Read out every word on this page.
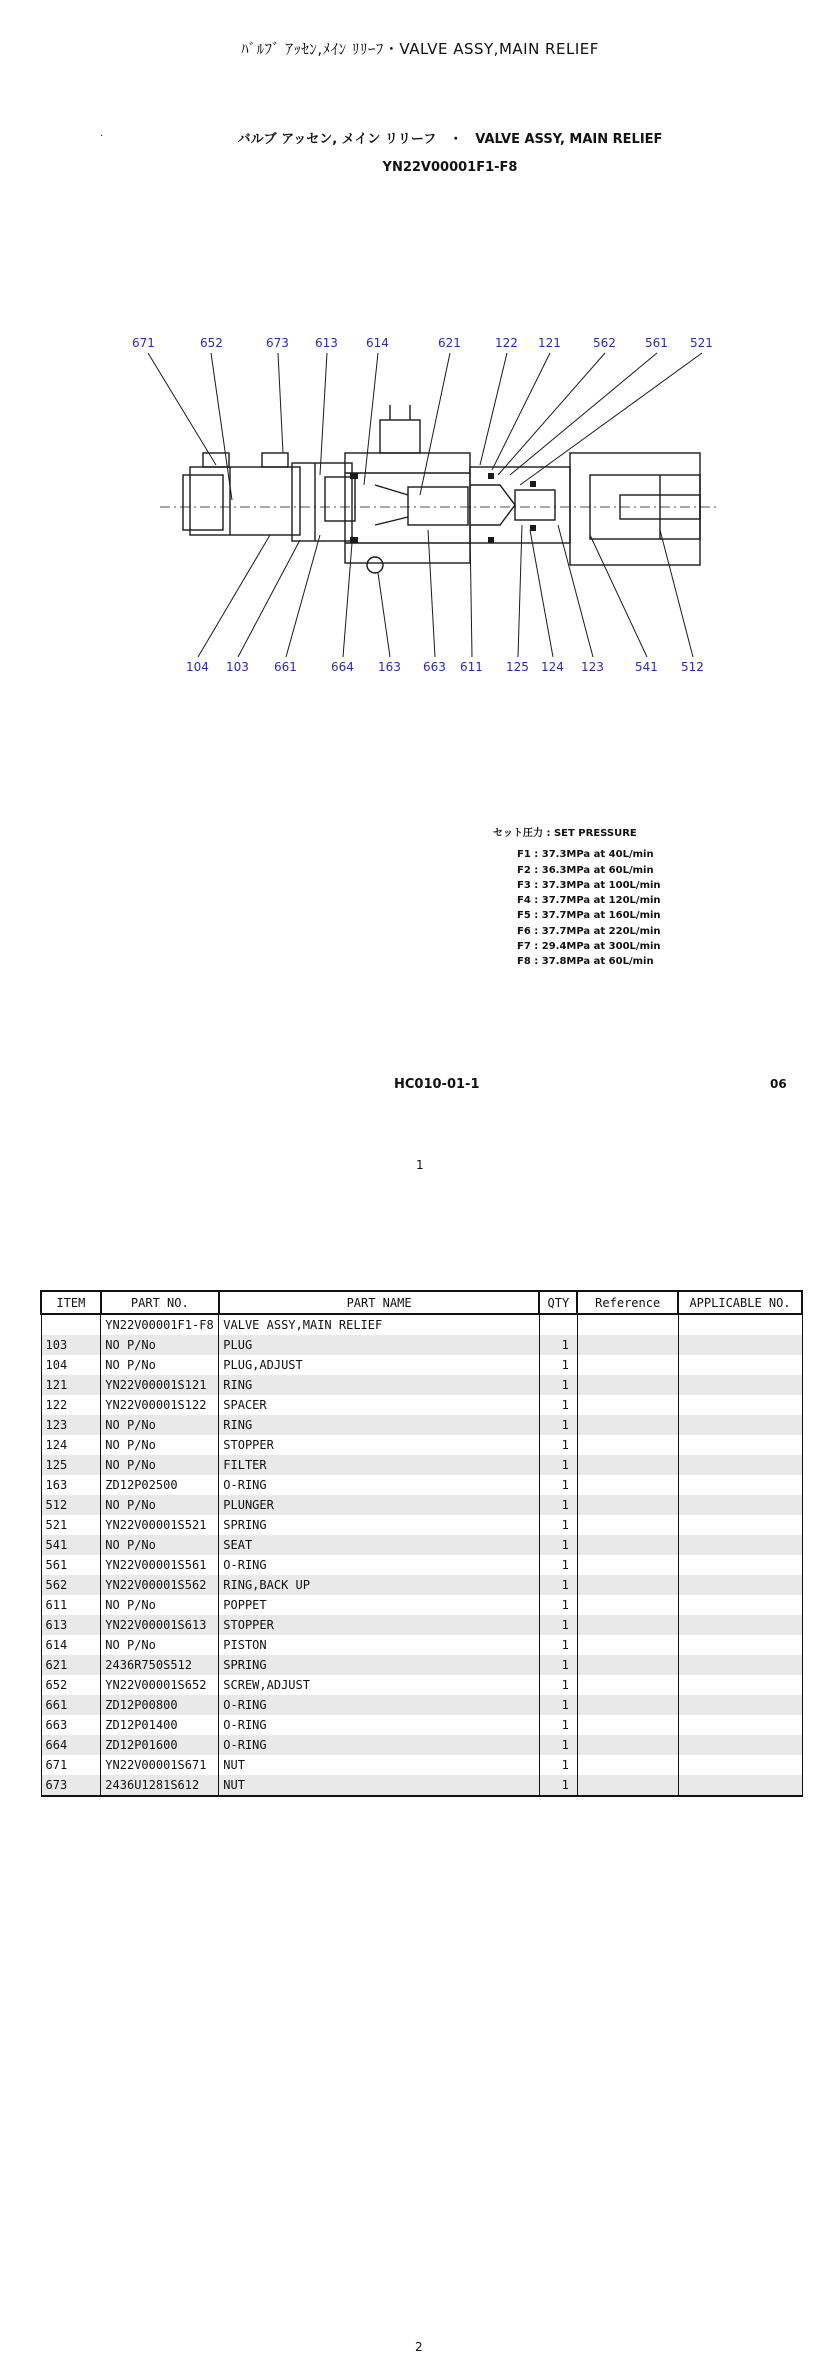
ﾊﾞﾙﾌﾞ ｱｯｾﾝ,ﾒｲﾝ ﾘﾘｰﾌ・VALVE ASSY,MAIN RELIEF
.	バルブ アッセン, メイン リリーフ　・　VALVE ASSY, MAIN RELIEF
YN22V00001F1-F8
671	652	673 613 614	621	122 121	562 561 521
104 103 661	664 163 663 611 125 124 123	541 512
セット圧力 : SET PRESSURE
F1 : 37.3MPa at 40L/min
F2 : 36.3MPa at 60L/min
F3 : 37.3MPa at 100L/min
F4 : 37.7MPa at 120L/min
F5 : 37.7MPa at 160L/min
F6 : 37.7MPa at 220L/min
F7 : 29.4MPa at 300L/min
F8 : 37.8MPa at 60L/min
HC010-01-1	06
1
ITEM	PART NO.	PART NAME	QTY	Reference	APPLICABLE NO.
	YN22V00001F1-F8	VALVE ASSY,MAIN RELIEF			
103	NO P/No	PLUG	1		
104	NO P/No	PLUG,ADJUST	1		
121	YN22V00001S121	RING	1		
122	YN22V00001S122	SPACER	1		
123	NO P/No	RING	1		
124	NO P/No	STOPPER	1		
125	NO P/No	FILTER	1		
163	ZD12P02500	O-RING	1		
512	NO P/No	PLUNGER	1		
521	YN22V00001S521	SPRING	1		
541	NO P/No	SEAT	1		
561	YN22V00001S561	O-RING	1		
562	YN22V00001S562	RING,BACK UP	1		
611	NO P/No	POPPET	1		
613	YN22V00001S613	STOPPER	1		
614	NO P/No	PISTON	1		
621	2436R750S512	SPRING	1		
652	YN22V00001S652	SCREW,ADJUST	1		
661	ZD12P00800	O-RING	1		
663	ZD12P01400	O-RING	1		
664	ZD12P01600	O-RING	1		
671	YN22V00001S671	NUT	1		
673	2436U1281S612	NUT	1		
2
